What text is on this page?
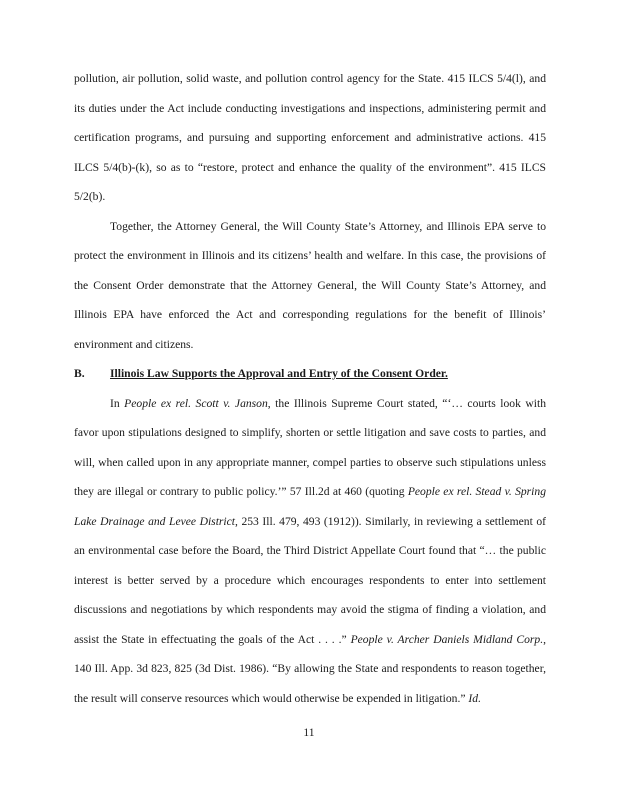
pollution, air pollution, solid waste, and pollution control agency for the State. 415 ILCS 5/4(l), and its duties under the Act include conducting investigations and inspections, administering permit and certification programs, and pursuing and supporting enforcement and administrative actions. 415 ILCS 5/4(b)-(k), so as to “restore, protect and enhance the quality of the environment”. 415 ILCS 5/2(b).

Together, the Attorney General, the Will County State’s Attorney, and Illinois EPA serve to protect the environment in Illinois and its citizens’ health and welfare. In this case, the provisions of the Consent Order demonstrate that the Attorney General, the Will County State’s Attorney, and Illinois EPA have enforced the Act and corresponding regulations for the benefit of Illinois’ environment and citizens.

B.	Illinois Law Supports the Approval and Entry of the Consent Order.

In People ex rel. Scott v. Janson, the Illinois Supreme Court stated, “‘… courts look with favor upon stipulations designed to simplify, shorten or settle litigation and save costs to parties, and will, when called upon in any appropriate manner, compel parties to observe such stipulations unless they are illegal or contrary to public policy.’” 57 Ill.2d at 460 (quoting People ex rel. Stead v. Spring Lake Drainage and Levee District, 253 Ill. 479, 493 (1912)). Similarly, in reviewing a settlement of an environmental case before the Board, the Third District Appellate Court found that “… the public interest is better served by a procedure which encourages respondents to enter into settlement discussions and negotiations by which respondents may avoid the stigma of finding a violation, and assist the State in effectuating the goals of the Act . . . .” People v. Archer Daniels Midland Corp., 140 Ill. App. 3d 823, 825 (3d Dist. 1986). “By allowing the State and respondents to reason together, the result will conserve resources which would otherwise be expended in litigation.” Id.

11
